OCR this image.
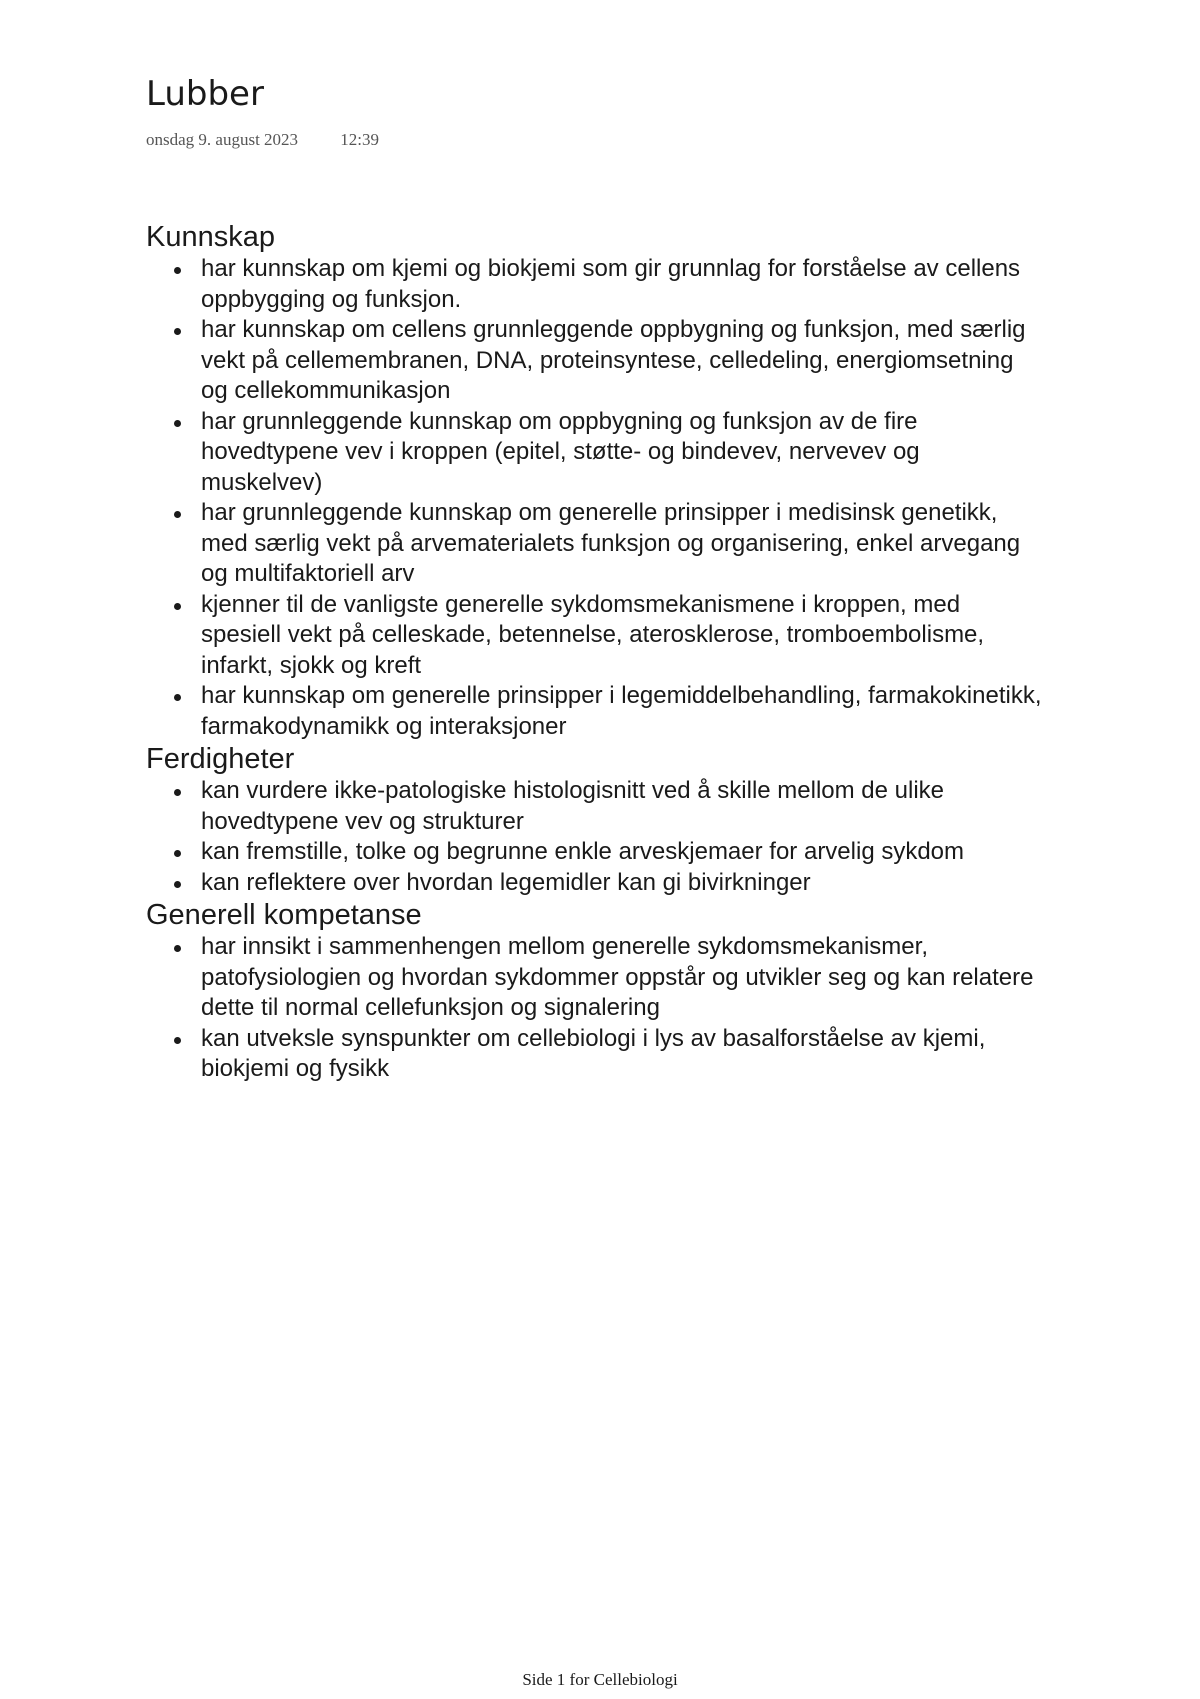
Lubber
onsdag 9. august 2023 12:39
Kunnskap
har kunnskap om kjemi og biokjemi som gir grunnlag for forståelse av cellens oppbygging og funksjon.
har kunnskap om cellens grunnleggende oppbygning og funksjon, med særlig vekt på cellemembranen, DNA, proteinsyntese, celledeling, energiomsetning og cellekommunikasjon
har grunnleggende kunnskap om oppbygning og funksjon av de fire hovedtypene vev i kroppen (epitel, støtte- og bindevev, nervevev og muskelvev)
har grunnleggende kunnskap om generelle prinsipper i medisinsk genetikk, med særlig vekt på arvematerialets funksjon og organisering, enkel arvegang og multifaktoriell arv
kjenner til de vanligste generelle sykdomsmekanismene i kroppen, med spesiell vekt på celleskade, betennelse, aterosklerose, tromboembolisme, infarkt, sjokk og kreft
har kunnskap om generelle prinsipper i legemiddelbehandling, farmakokinetikk, farmakodynamikk og interaksjoner
Ferdigheter
kan vurdere ikke-patologiske histologisnitt ved å skille mellom de ulike hovedtypene vev og strukturer
kan fremstille, tolke og begrunne enkle arveskjemaer for arvelig sykdom
kan reflektere over hvordan legemidler kan gi bivirkninger
Generell kompetanse
har innsikt i sammenhengen mellom generelle sykdomsmekanismer, patofysiologien og hvordan sykdommer oppstår og utvikler seg og kan relatere dette til normal cellefunksjon og signalering
kan utveksle synspunkter om cellebiologi i lys av basalforståelse av kjemi, biokjemi og fysikk
Side 1 for Cellebiologi
